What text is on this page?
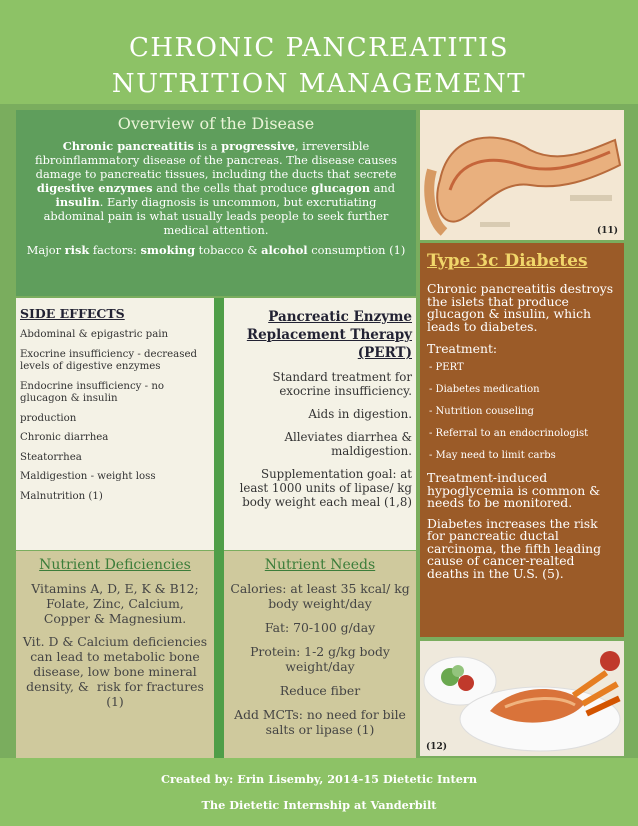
CHRONIC PANCREATITIS
NUTRITION MANAGEMENT
Overview of the Disease

Chronic pancreatitis is a progressive, irreversible fibroinflammatory disease of the pancreas. The disease causes damage to pancreatic tissues, including the ducts that secrete digestive enzymes and the cells that produce glucagon and insulin. Early diagnosis is uncommon, but excrutiating abdominal pain is what usually leads people to seek further medical attention.

Major risk factors: smoking tobacco & alcohol consumption (1)

(11)
SIDE EFFECTS
Abdominal & epigastric pain
Exocrine insufficiency - decreased levels of digestive enzymes
Endocrine insufficiency - no glucagon & insulin
production
Chronic diarrhea
Steatorrhea
Maldigestion - weight loss
Malnutrition (1)
Pancreatic Enzyme Replacement Therapy (PERT)
Standard treatment for exocrine insufficiency.
Aids in digestion.
Alleviates diarrhea & maldigestion.
Supplementation goal: at least 1000 units of lipase/ kg body weight each meal (1,8)
Nutrient Deficiencies

Vitamins A, D, E, K & B12; Folate, Zinc, Calcium, Copper & Magnesium.

Vit. D & Calcium deficiencies can lead to metabolic bone disease, low bone mineral density, &  risk for fractures (1)

Nutrient Needs

Calories: at least 35 kcal/ kg body weight/day

Fat: 70-100 g/day

Protein: 1-2 g/kg body weight/day

Reduce fiber

Add MCTs: no need for bile salts or lipase (1)

Type 3c Diabetes

Chronic pancreatitis destroys the islets that produce glucagon & insulin, which leads to diabetes.

Treatment:
- PERT
- Diabetes medication
- Nutrition couseling
- Referral to an endocrinologist
- May need to limit carbs

Treatment-induced hypoglycemia is common & needs to be monitored.

Diabetes increases the risk for pancreatic ductal carcinoma, the fifth leading cause of cancer-realted deaths in the U.S. (5).

(12)
Created by: Erin Lisemby, 2014-15 Dietetic Intern
The Dietetic Internship at Vanderbilt
